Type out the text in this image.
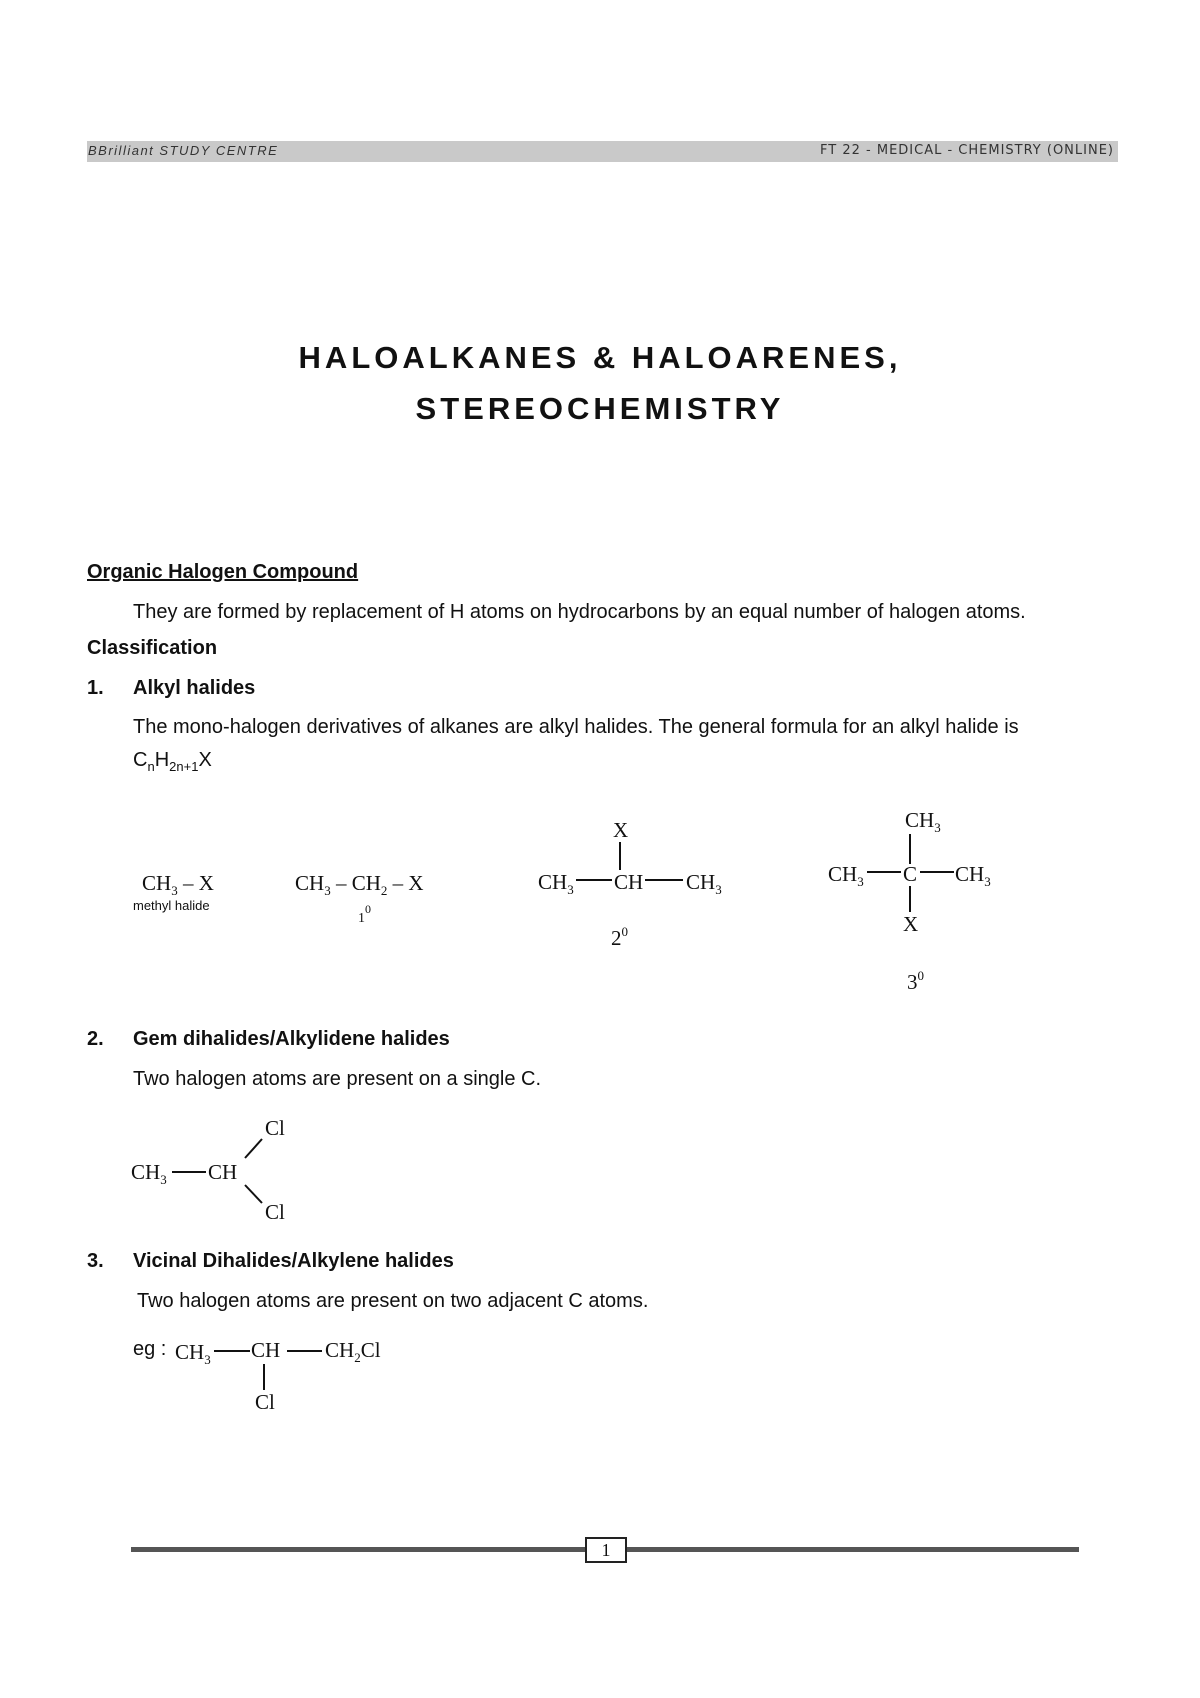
BBrilliant STUDY CENTRE	FT 22 - MEDICAL - CHEMISTRY (ONLINE)
HALOALKANES & HALOARENES,
STEREOCHEMISTRY
Organic Halogen Compound
They are formed by replacement of H atoms on hydrocarbons by an equal number of halogen atoms.
Classification
1. Alkyl halides
The mono-halogen derivatives of alkanes are alkyl halides. The general formula for an alkyl halide is
$C_nH_{2n+1}X$
$CH_3$ – X
methyl halide
$CH_3 - CH_2$ – X
10
X
$CH_3$ CH $CH_3$
$2^0$
$CH_3$
$CH_3$ C $CH_3$
X
$3^0$
2. Gem dihalides/Alkylidene halides
Two halogen atoms are present on a single C.
Cl
$CH_3$ CH
Cl
3. Vicinal Dihalides/Alkylene halides
Two halogen atoms are present on two adjacent C atoms.
eg : $CH_3$ CH $CH_2Cl$
Cl
1
